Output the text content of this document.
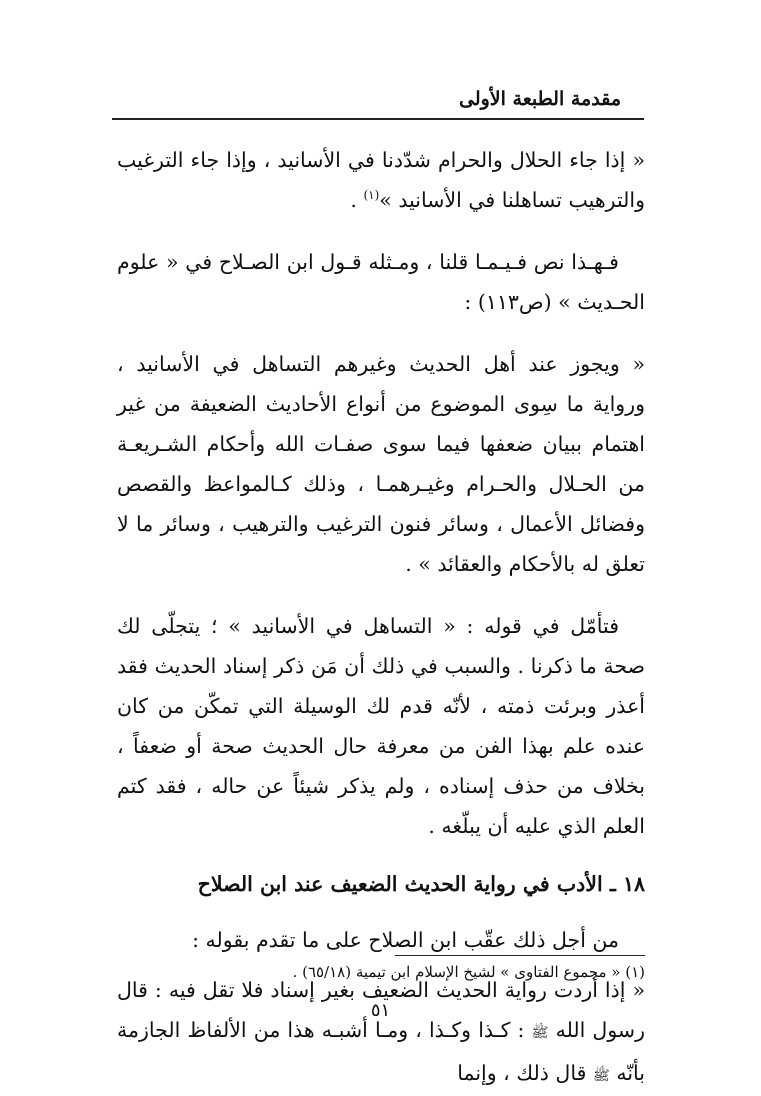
مقدمة الطبعة الأولى

« إذا جاء الحلال والحرام شدّدنا في الأسانيد ، وإذا جاء الترغيب والترهيب تساهلنا في الأسانيد »$^{(١)}$ .

فـهـذا نص فـيـمـا قلنا ، ومـثله قـول ابن الصـلاح في « علوم الحـديث » (ص١١٣) :

« ويجوز عند أهل الحديث وغيرهم التساهل في الأسانيد ، ورواية ما سِوى الموضوع من أنواع الأحاديث الضعيفة من غير اهتمام ببيان ضعفها فيما سوى صفـات الله وأحكام الشـريعـة من الحـلال والحـرام وغيـرهمـا ، وذلك كـالمواعظ والقصص وفضائل الأعمال ، وسائر فنون الترغيب والترهيب ، وسائر ما لا تعلق له بالأحكام والعقائد » .

فتأمّل في قوله : « التساهل في الأسانيد » ؛ يتجلّى لك صحة ما ذكرنا . والسبب في ذلك أن مَن ذكر إسناد الحديث فقد أعذر وبرئت ذمته ، لأنّه قدم لك الوسيلة التي تمكّن من كان عنده علم بهذا الفن من معرفة حال الحديث صحة أو ضعفاً ، بخلاف من حذف إسناده ، ولم يذكر شيئاً عن حاله ، فقد كتم العلم الذي عليه أن يبلّغه .

١٨ ـ الأدب في رواية الحديث الضعيف عند ابن الصلاح

من أجل ذلك عقّب ابن الصلاح على ما تقدم بقوله :

« إذا أردت رواية الحديث الضعيف بغير إسناد فلا تقل فيه : قال رسول الله ﷺ : كـذا وكـذا ، ومـا أشبـه هذا من الألفاظ الجازمة بأنّه ﷺ قال ذلك ، وإنما

(١) « مجموع الفتاوى » لشيخ الإسلام ابن تيمية (٦٥/١٨) .
٥١
